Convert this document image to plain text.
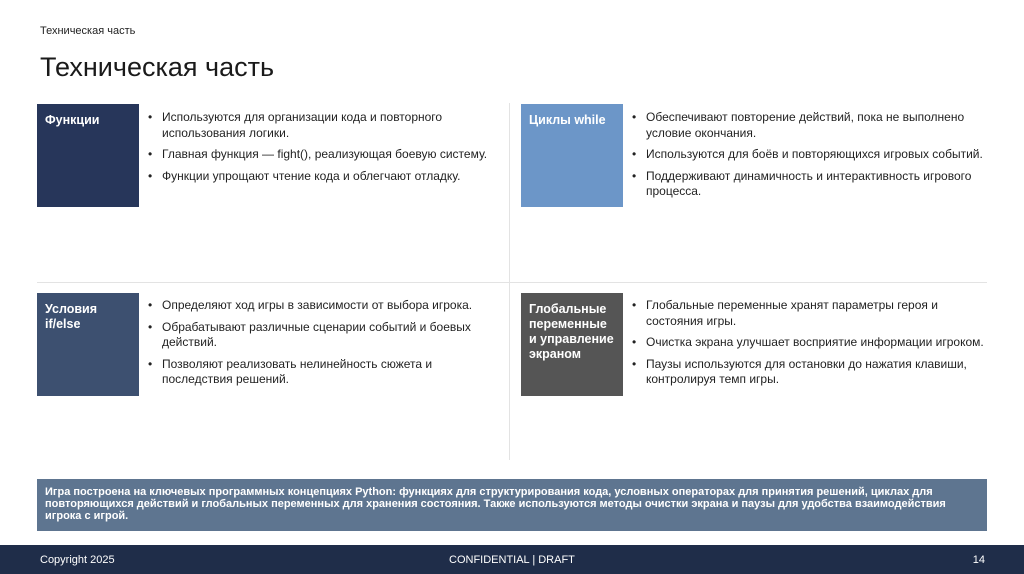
Техническая часть
Техническая часть
Функции	• Используются для организации кода и повторного использования логики.
• Главная функция — fight(), реализующая боевую систему.
• Функции упрощают чтение кода и облегчают отладку.
Циклы while	• Обеспечивают повторение действий, пока не выполнено условие окончания.
• Используются для боёв и повторяющихся игровых событий.
• Поддерживают динамичность и интерактивность игрового процесса.
Условия if/else
• Определяют ход игры в зависимости от выбора игрока.
• Обрабатывают различные сценарии событий и боевых действий.
• Позволяют реализовать нелинейность сюжета и последствия решений.
Глобальные переменные и управление экраном
• Глобальные переменные хранят параметры героя и состояния игры.
• Очистка экрана улучшает восприятие информации игроком.
• Паузы используются для остановки до нажатия клавиши, контролируя темп игры.
Игра построена на ключевых программных концепциях Python: функциях для структурирования кода, условных операторах для принятия решений, циклах для повторяющихся действий и глобальных переменных для хранения состояния. Также используются методы очистки экрана и паузы для удобства взаимодействия игрока с игрой.
Copyright 2025	CONFIDENTIAL | DRAFT	14
